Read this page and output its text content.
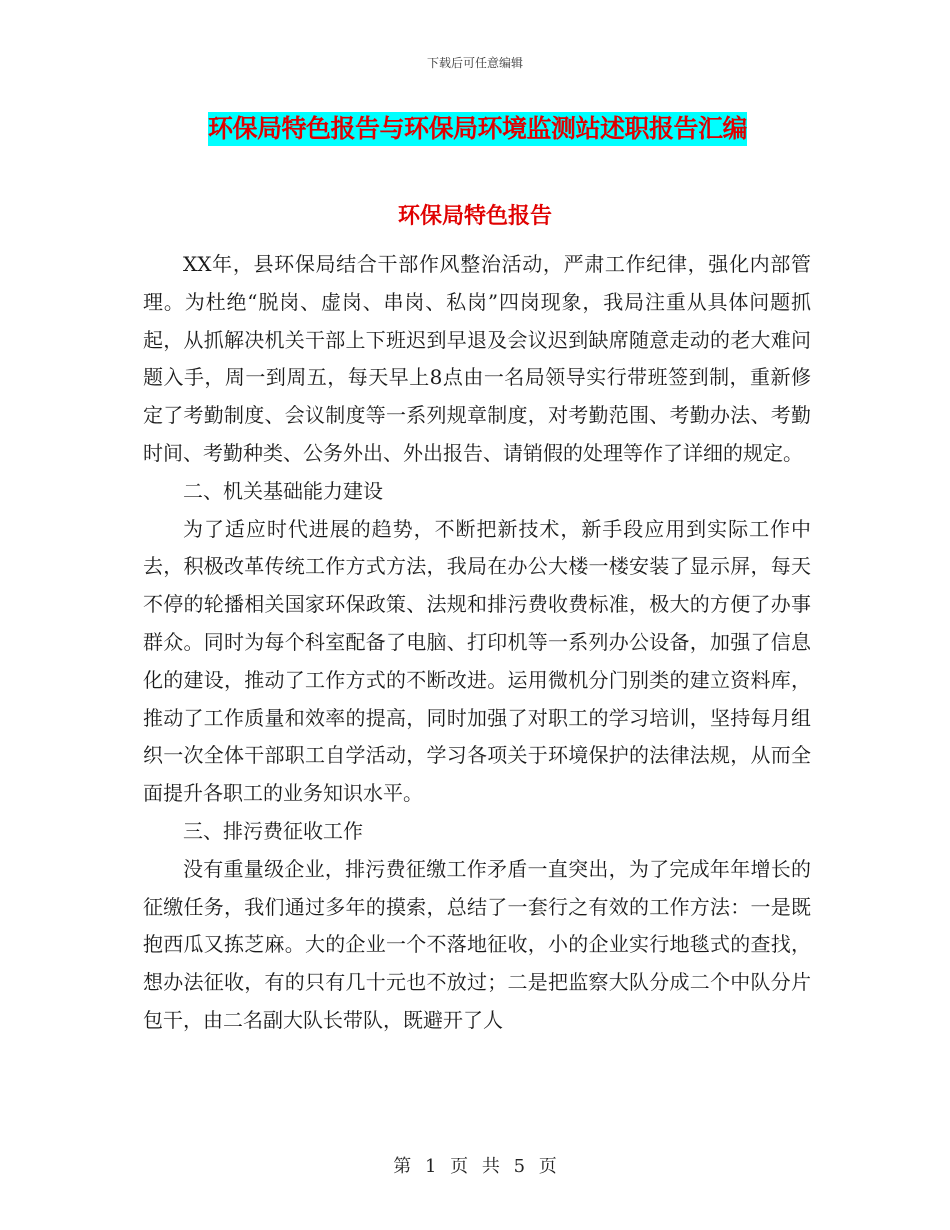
下载后可任意编辑
环保局特色报告与环保局环境监测站述职报告汇编
环保局特色报告

XX年，县环保局结合干部作风整治活动，严肃工作纪律，强化内部管理。为杜绝“脱岗、虚岗、串岗、私岗”四岗现象，我局注重从具体问题抓起，从抓解决机关干部上下班迟到早退及会议迟到缺席随意走动的老大难问题入手，周一到周五，每天早上8点由一名局领导实行带班签到制，重新修定了考勤制度、会议制度等一系列规章制度，对考勤范围、考勤办法、考勤时间、考勤种类、公务外出、外出报告、请销假的处理等作了详细的规定。

二、机关基础能力建设

为了适应时代进展的趋势，不断把新技术，新手段应用到实际工作中去，积极改革传统工作方式方法，我局在办公大楼一楼安装了显示屏，每天不停的轮播相关国家环保政策、法规和排污费收费标准，极大的方便了办事群众。同时为每个科室配备了电脑、打印机等一系列办公设备，加强了信息化的建设，推动了工作方式的不断改进。运用微机分门别类的建立资料库，推动了工作质量和效率的提高，同时加强了对职工的学习培训，坚持每月组织一次全体干部职工自学活动，学习各项关于环境保护的法律法规，从而全面提升各职工的业务知识水平。

三、排污费征收工作

没有重量级企业，排污费征缴工作矛盾一直突出，为了完成年年增长的征缴任务，我们通过多年的摸索，总结了一套行之有效的工作方法：一是既抱西瓜又拣芝麻。大的企业一个不落地征收，小的企业实行地毯式的查找，想办法征收，有的只有几十元也不放过；二是把监察大队分成二个中队分片包干，由二名副大队长带队，既避开了人

第 1 页 共 5 页
